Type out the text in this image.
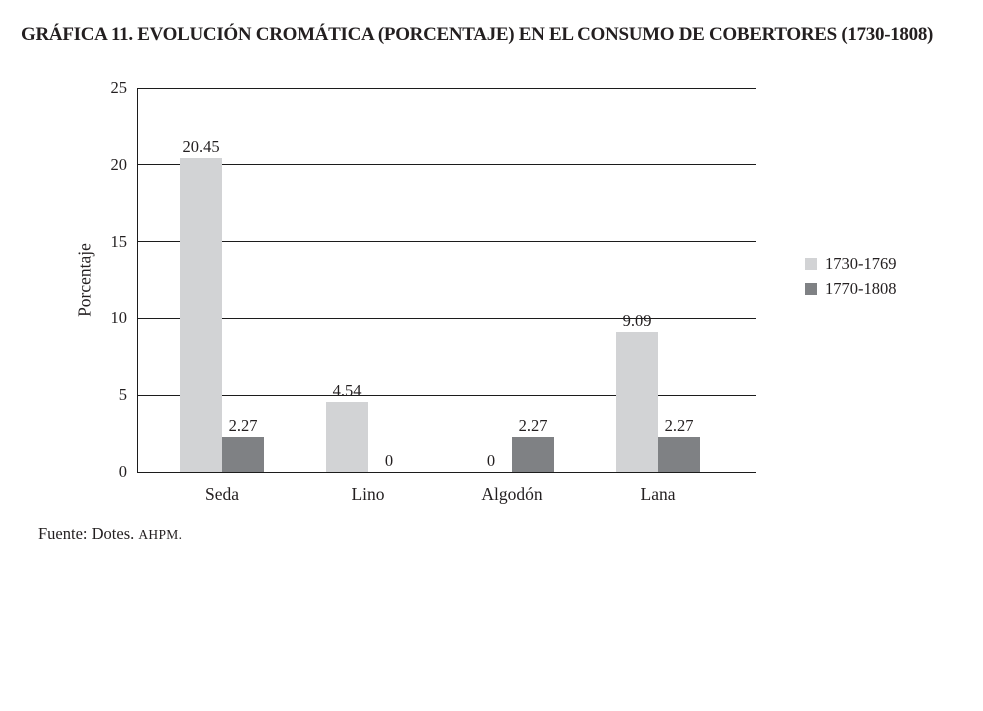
GRÁFICA 11. EVOLUCIÓN CROMÁTICA (PORCENTAJE) EN EL CONSUMO DE COBERTORES (1730-1808)
Porcentaje
0
5
10
15
20
25
20.45
2.27
Seda
4.54
0
Lino
0
2.27
Algodón
9.09
2.27
Lana
1730-1769
1770-1808
Fuente: Dotes. AHPM.
